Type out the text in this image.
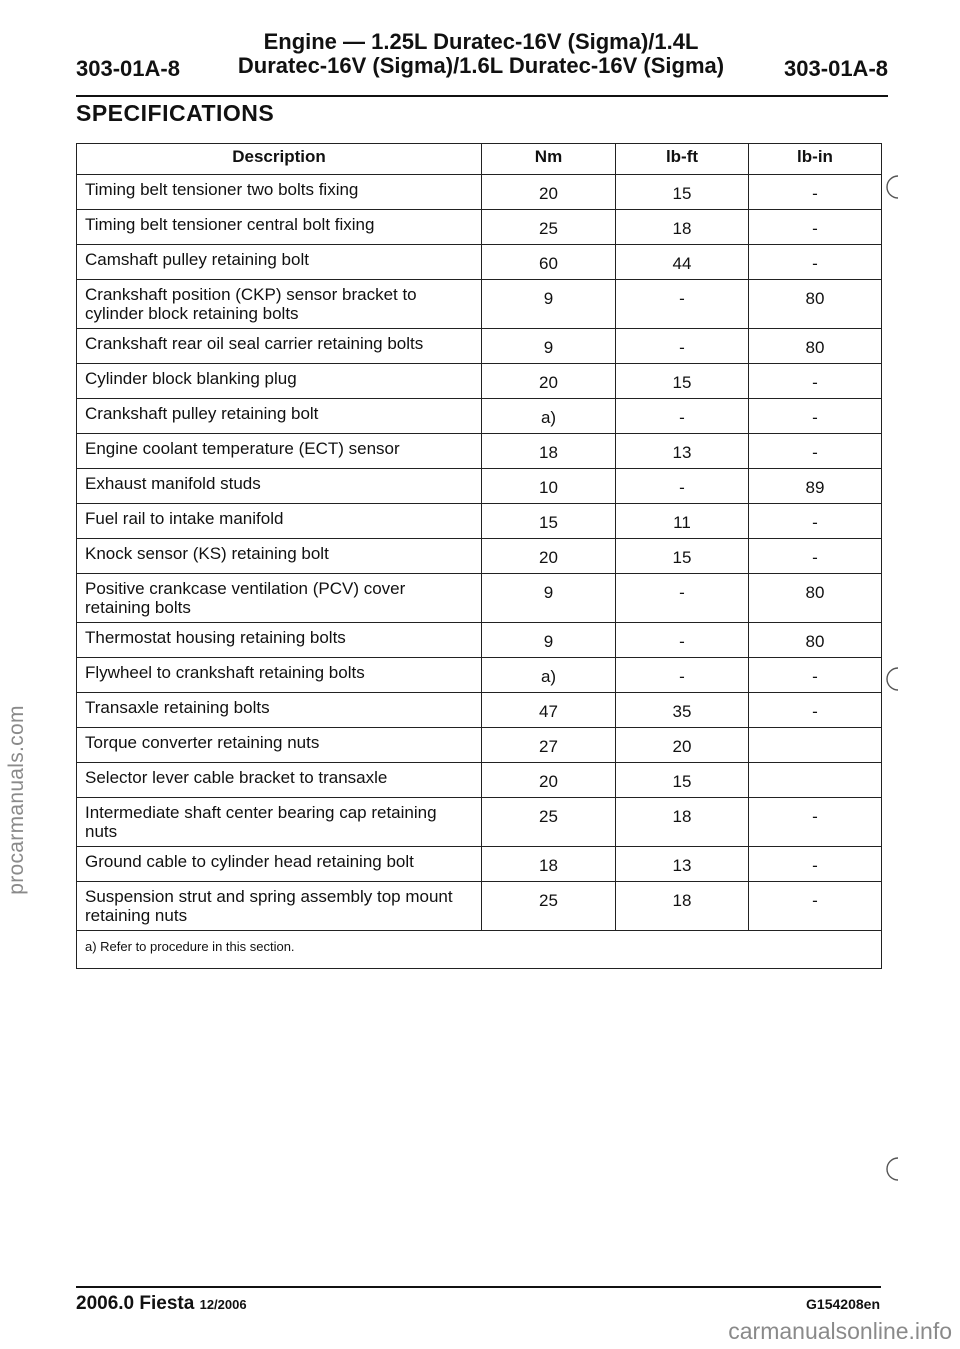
procarmanuals.com
303-01A-8
Engine — 1.25L Duratec-16V (Sigma)/1.4L
Duratec-16V (Sigma)/1.6L Duratec-16V (Sigma)	303-01A-8
SPECIFICATIONS
Description	Nm	lb-ft	lb-in
Timing belt tensioner two bolts fixing	20	15	-
Timing belt tensioner central bolt fixing	25	18	-
Camshaft pulley retaining bolt	60	44	-
Crankshaft position (CKP) sensor bracket to cylinder block retaining bolts	9	-	80
Crankshaft rear oil seal carrier retaining bolts	9	-	80
Cylinder block blanking plug	20	15	-
Crankshaft pulley retaining bolt	a)	-	-
Engine coolant temperature (ECT) sensor	18	13	-
Exhaust manifold studs	10	-	89
Fuel rail to intake manifold	15	11	-
Knock sensor (KS) retaining bolt	20	15	-
Positive crankcase ventilation (PCV) cover retaining bolts	9	-	80
Thermostat housing retaining bolts	9	-	80
Flywheel to crankshaft retaining bolts	a)	-	-
Transaxle retaining bolts	47	35	-
Torque converter retaining nuts	27	20	
Selector lever cable bracket to transaxle	20	15	
Intermediate shaft center bearing cap retaining nuts	25	18	-
Ground cable to cylinder head retaining bolt	18	13	-
Suspension strut and spring assembly top mount retaining nuts	25	18	-
a) Refer to procedure in this section.			
2006.0 Fiesta 12/2006	G154208en
carmanualsonline.info
